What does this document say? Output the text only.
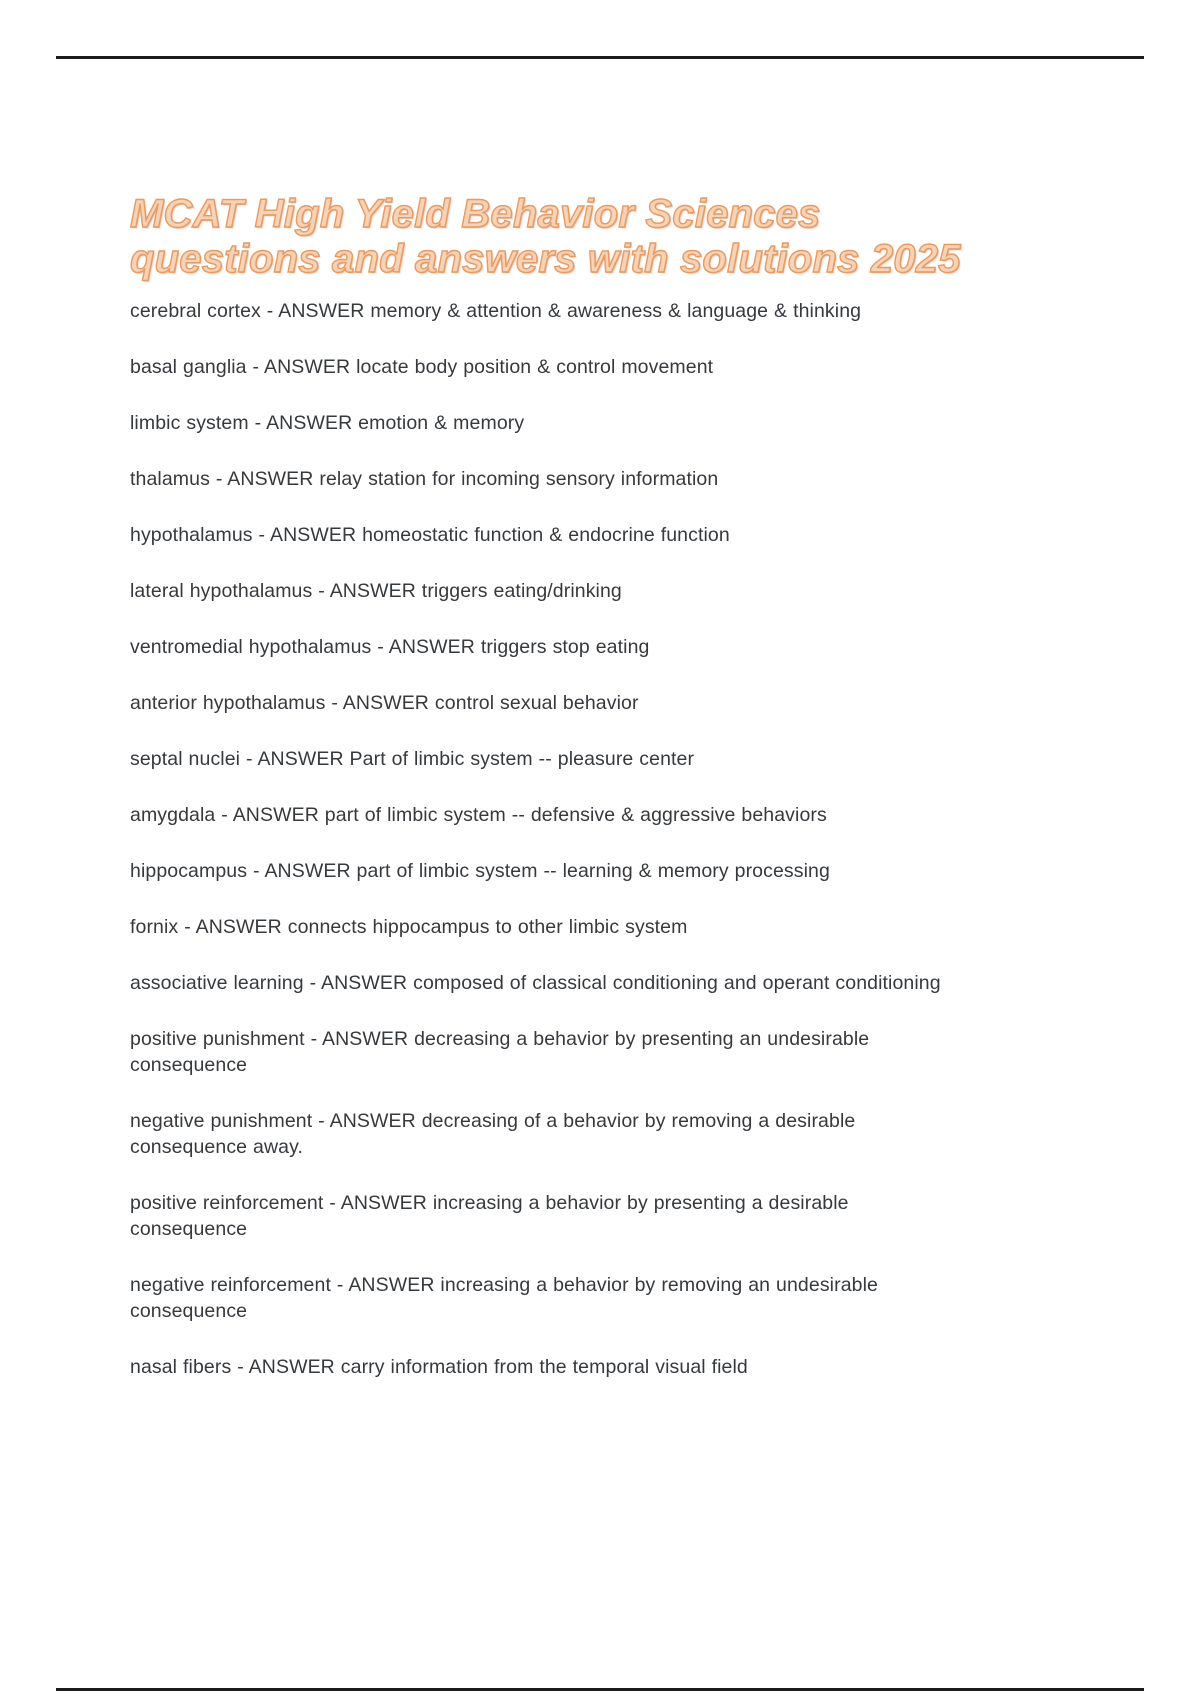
MCAT High Yield Behavior Sciences questions and answers with solutions 2025
cerebral cortex - ANSWER memory & attention & awareness & language & thinking
basal ganglia - ANSWER locate body position & control movement
limbic system - ANSWER emotion & memory
thalamus - ANSWER relay station for incoming sensory information
hypothalamus - ANSWER homeostatic function & endocrine function
lateral hypothalamus - ANSWER triggers eating/drinking
ventromedial hypothalamus - ANSWER triggers stop eating
anterior hypothalamus - ANSWER control sexual behavior
septal nuclei - ANSWER Part of limbic system -- pleasure center
amygdala - ANSWER part of limbic system -- defensive & aggressive behaviors
hippocampus - ANSWER part of limbic system -- learning & memory processing
fornix - ANSWER connects hippocampus to other limbic system
associative learning - ANSWER composed of classical conditioning and operant conditioning
positive punishment - ANSWER decreasing a behavior by presenting an undesirable consequence
negative punishment - ANSWER decreasing of a behavior by removing a desirable consequence away.
positive reinforcement - ANSWER increasing a behavior by presenting a desirable consequence
negative reinforcement - ANSWER increasing a behavior by removing an undesirable consequence
nasal fibers - ANSWER carry information from the temporal visual field
